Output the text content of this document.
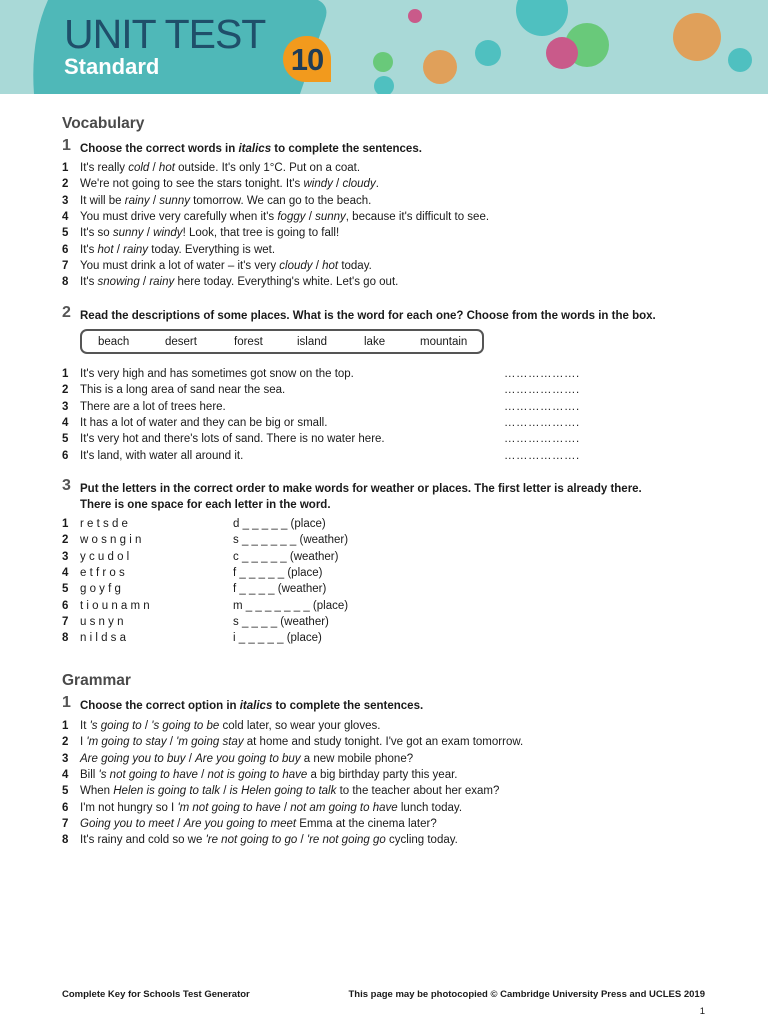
UNIT TEST
Standard	10
Vocabulary
1 Choose the correct words in italics to complete the sentences.
1	It's really cold / hot outside. It's only 1°C. Put on a coat.
2	We're not going to see the stars tonight. It's windy / cloudy.
3	It will be rainy / sunny tomorrow. We can go to the beach.
4	You must drive very carefully when it's foggy / sunny, because it's difficult to see.
5	It's so sunny / windy! Look, that tree is going to fall!
6	It's hot / rainy today. Everything is wet.
7	You must drink a lot of water – it's very cloudy / hot today.
8	It's snowing / rainy here today. Everything's white. Let's go out.
2 Read the descriptions of some places. What is the word for each one? Choose from the words in the box.
beach	desert	forest	island	lake	mountain
1	It's very high and has sometimes got snow on the top.	……………….
2	This is a long area of sand near the sea.	……………….
3	There are a lot of trees here.	……………….
4	It has a lot of water and they can be big or small.	……………….
5	It's very hot and there's lots of sand. There is no water here.	……………….
6	It's land, with water all around it.	……………….
3 Put the letters in the correct order to make words for weather or places. The first letter is already there.
There is one space for each letter in the word.
1	r e t s d e	d _ _ _ _ _ (place)
2	w o s n g i n	s _ _ _ _ _ _ (weather)
3	y c u d o l	c _ _ _ _ _ (weather)
4	e t f r o s	f _ _ _ _ _ (place)
5	g o y f g	f _ _ _ _ (weather)
6	t i o u n a m n	m _ _ _ _ _ _ _ (place)
7	u s n y n	s _ _ _ _ (weather)
8	n i l d s a	i _ _ _ _ _ (place)
Grammar
1 Choose the correct option in italics to complete the sentences.
1	It 's going to / 's going to be cold later, so wear your gloves.
2	I 'm going to stay / 'm going stay at home and study tonight. I've got an exam tomorrow.
3	Are going you to buy / Are you going to buy a new mobile phone?
4	Bill 's not going to have / not is going to have a big birthday party this year.
5	When Helen is going to talk / is Helen going to talk to the teacher about her exam?
6	I'm not hungry so I 'm not going to have / not am going to have lunch today.
7	Going you to meet / Are you going to meet Emma at the cinema later?
8	It's rainy and cold so we 're not going to go / 're not going go cycling today.
Complete Key for Schools Test Generator	This page may be photocopied © Cambridge University Press and UCLES 2019
1
